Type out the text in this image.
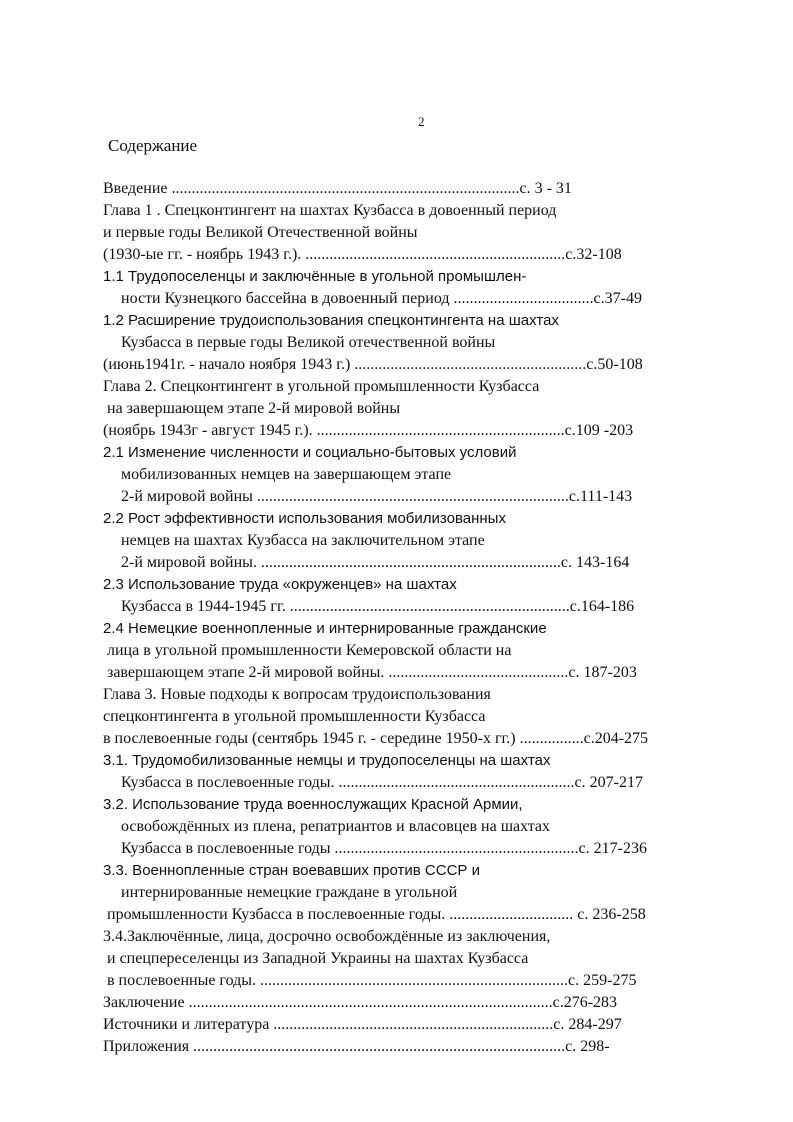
2
Содержание
Введение .......................................................................................с. 3 - 31
Глава 1 . Спецконтингент на шахтах Кузбасса в довоенный период
и первые годы Великой Отечественной войны
(1930-ые гг. - ноябрь 1943 г.). .................................................................с.32-108
1.1 Трудопоселенцы и заключённые в угольной промышлен-
ности Кузнецкого бассейна в довоенный период ...................................с.37-49
1.2 Расширение трудоиспользования спецконтингента на шахтах
Кузбасса в первые годы Великой отечественной войны
(июнь1941г. - начало ноября 1943 г.) ..........................................................с.50-108
Глава 2. Спецконтингент в угольной промышленности Кузбасса
на завершающем этапе 2-й мировой войны
(ноябрь 1943г - август 1945 г.). ..............................................................с.109 -203
2.1 Изменение численности и социально-бытовых условий
мобилизованных немцев на завершающем этапе
2-й мировой войны ..............................................................................с.111-143
2.2 Рост эффективности использования мобилизованных
немцев на шахтах Кузбасса на заключительном этапе
2-й мировой войны. ...........................................................................с. 143-164
2.3 Использование труда «окруженцев» на шахтах
Кузбасса в 1944-1945 гг. ......................................................................с.164-186
2.4 Немецкие военнопленные и интернированные гражданские
лица в угольной промышленности Кемеровской области на
завершающем этапе 2-й мировой войны. .............................................с. 187-203
Глава 3. Новые подходы к вопросам трудоиспользования
спецконтингента в угольной промышленности Кузбасса
в послевоенные годы (сентябрь 1945 г. - середине 1950-х гг.) ................с.204-275
3.1. Трудомобилизованные немцы и трудопоселенцы на шахтах
Кузбасса в послевоенные годы. ...........................................................с. 207-217
3.2. Использование труда военнослужащих Красной Армии,
освобождённых из плена, репатриантов и власовцев на шахтах
Кузбасса в послевоенные годы .............................................................с. 217-236
3.3. Военнопленные стран воевавших против СССР и
интернированные немецкие граждане в угольной
промышленности Кузбасса в послевоенные годы. ............................... с. 236-258
3.4.Заключённые, лица, досрочно освобождённые из заключения,
и спецпереселенцы из Западной Украины на шахтах Кузбасса
в послевоенные годы. .............................................................................с. 259-275
Заключение ...........................................................................................с.276-283
Источники и литература ......................................................................с. 284-297
Приложения .............................................................................................с. 298-
